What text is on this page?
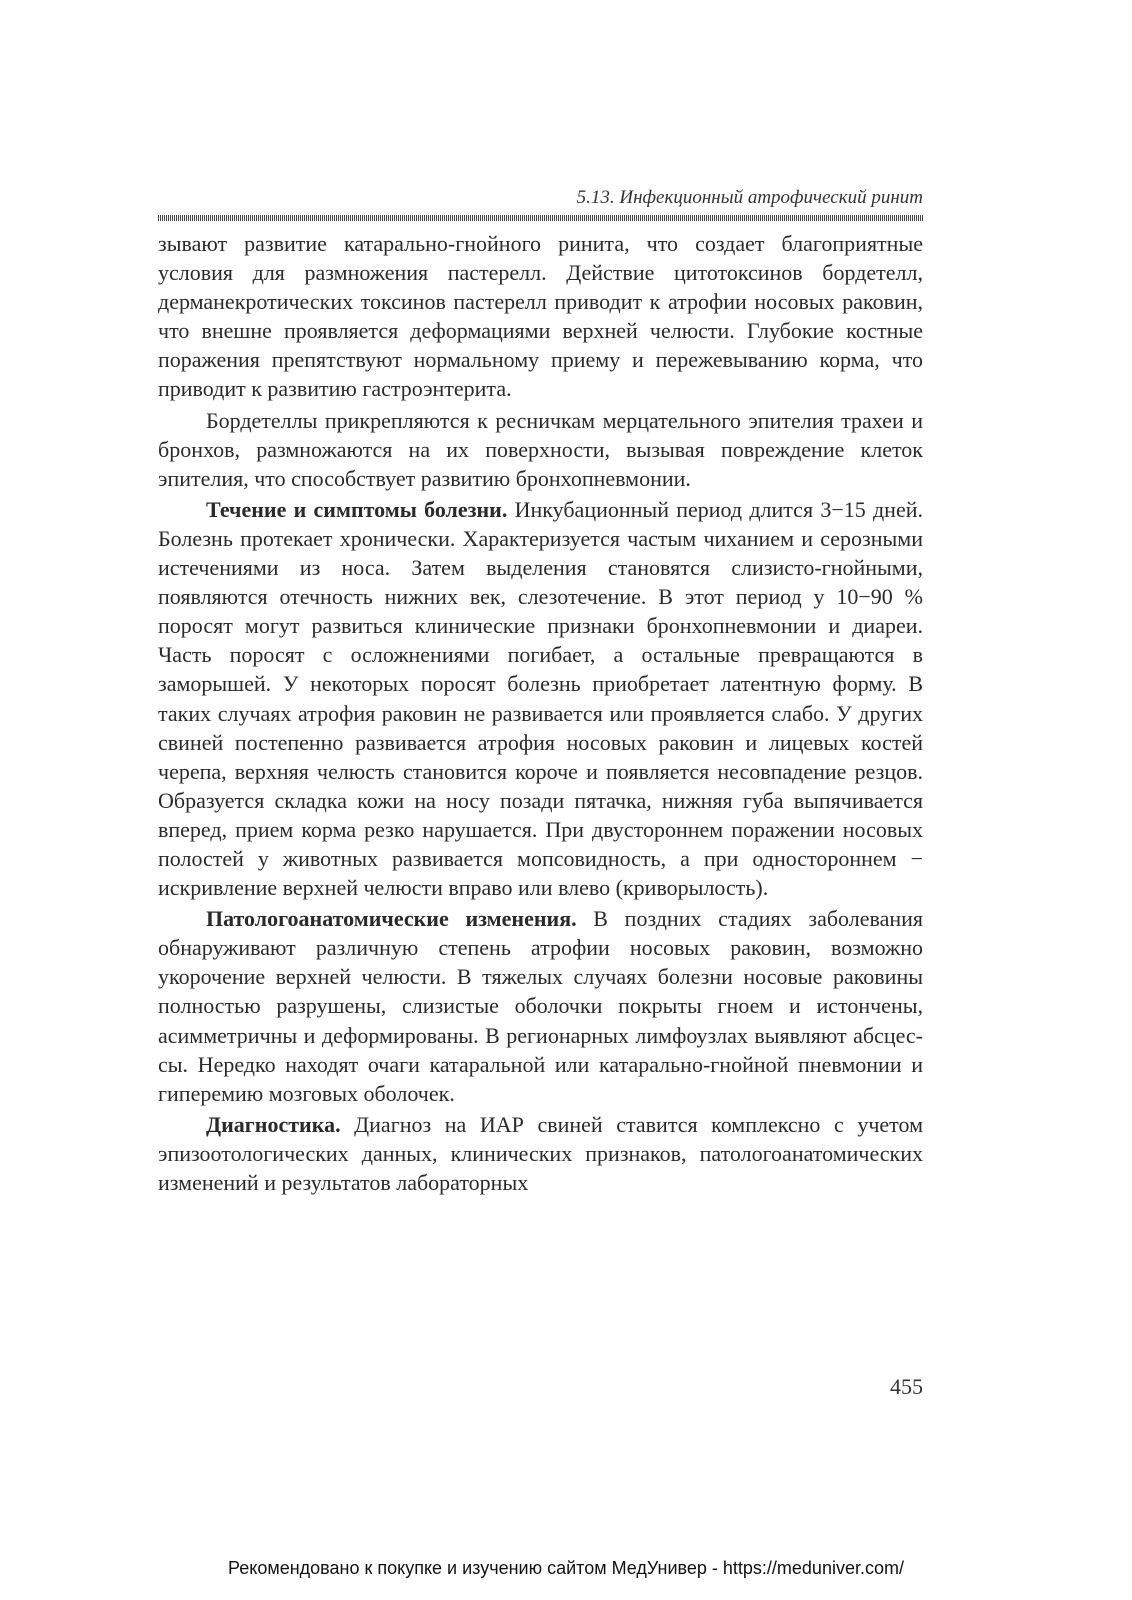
5.13. Инфекционный атрофический ринит

зывают развитие катарально-гнойного ринита, что создает благоприятные условия для размножения пастерелл. Действие цитотоксинов бордетелл, дерманекротических токсинов пастерелл приводит к атрофии носовых раковин, что внешне проявляется деформациями верхней челюсти. Глубокие костные поражения препятствуют нормальному приему и пережевыванию корма, что приводит к развитию гастроэнтерита.

Бордетеллы прикрепляются к ресничкам мерцательного эпителия трахеи и бронхов, размножаются на их поверхности, вызывая повреждение клеток эпителия, что способствует развитию бронхопневмонии.

Течение и симптомы болезни. Инкубационный период длится 3−15 дней. Болезнь протекает хронически. Характеризуется частым чиханием и серозными истечениями из носа. Затем выделения становятся слизисто-гнойными, появляются отечность нижних век, слезотечение. В этот период у 10−90 % поросят могут развиться клинические признаки бронхопневмонии и диареи. Часть поросят с осложнениями погибает, а остальные превращаются в заморышей. У некоторых поросят болезнь приобретает латентную форму. В таких случаях атрофия раковин не развивается или проявляется слабо. У других свиней постепенно развивается атрофия носовых раковин и лицевых костей черепа, верхняя челюсть становится короче и появляется несовпадение резцов. Образуется складка кожи на носу позади пятачка, нижняя губа выпячивается вперед, прием корма резко нарушается. При двустороннем поражении носовых полостей у животных развивается мопсовидность, а при одностороннем − искривление верхней челюсти вправо или влево (криворылость).

Патологоанатомические изменения. В поздних стадиях заболевания обнаруживают различную степень атрофии носовых раковин, возможно укорочение верхней челюсти. В тяжелых случаях болезни носовые раковины полностью разрушены, слизистые оболочки покрыты гноем и истончены, асимметричны и деформированы. В регионарных лимфоузлах выявляют абсцессы. Нередко находят очаги катаральной или катарально-гнойной пневмонии и гиперемию мозговых оболочек.

Диагностика. Диагноз на ИАР свиней ставится комплексно с учетом эпизоотологических данных, клинических признаков, патологоанатомических изменений и результатов лабораторных

455
Рекомендовано к покупке и изучению сайтом МедУнивер - https://meduniver.com/
